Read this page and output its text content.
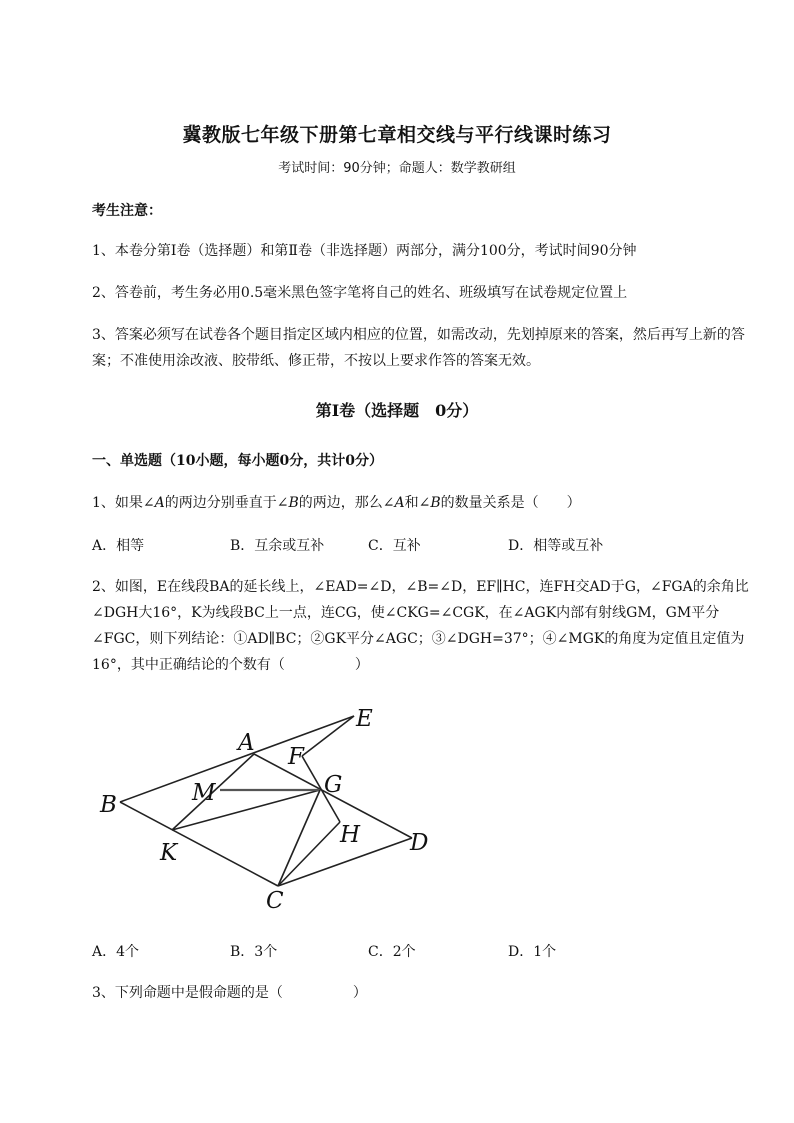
冀教版七年级下册第七章相交线与平行线课时练习
考试时间：90分钟；命题人：数学教研组
考生注意：
1、本卷分第Ⅰ卷（选择题）和第Ⅱ卷（非选择题）两部分，满分100分，考试时间90分钟
2、答卷前，考生务必用0.5毫米黑色签字笔将自己的姓名、班级填写在试卷规定位置上
3、答案必须写在试卷各个题目指定区域内相应的位置，如需改动，先划掉原来的答案，然后再写上新的答案；不准使用涂改液、胶带纸、修正带，不按以上要求作答的答案无效。
第Ⅰ卷（选择题　0分）
一、单选题（10小题，每小题0分，共计0分）
1、如果∠A的两边分别垂直于∠B的两边，那么∠A和∠B的数量关系是（　　）
A．相等	B．互余或互补	C．互补	D．相等或互补
2、如图，E在线段BA的延长线上，∠EAD=∠D，∠B=∠D，EF∥HC，连FH交AD于G，∠FGA的余角比∠DGH大16°，K为线段BC上一点，连CG，使∠CKG=∠CGK，在∠AGK内部有射线GM，GM平分∠FGC，则下列结论：①AD∥BC；②GK平分∠AGC；③∠DGH=37°；④∠MGK的角度为定值且定值为16°，其中正确结论的个数有（　　　　　）
E
A
F
G
M
B
H D
K
C
A．4个	B．3个	C．2个	D．1个
3、下列命题中是假命题的是（　　　　　）
